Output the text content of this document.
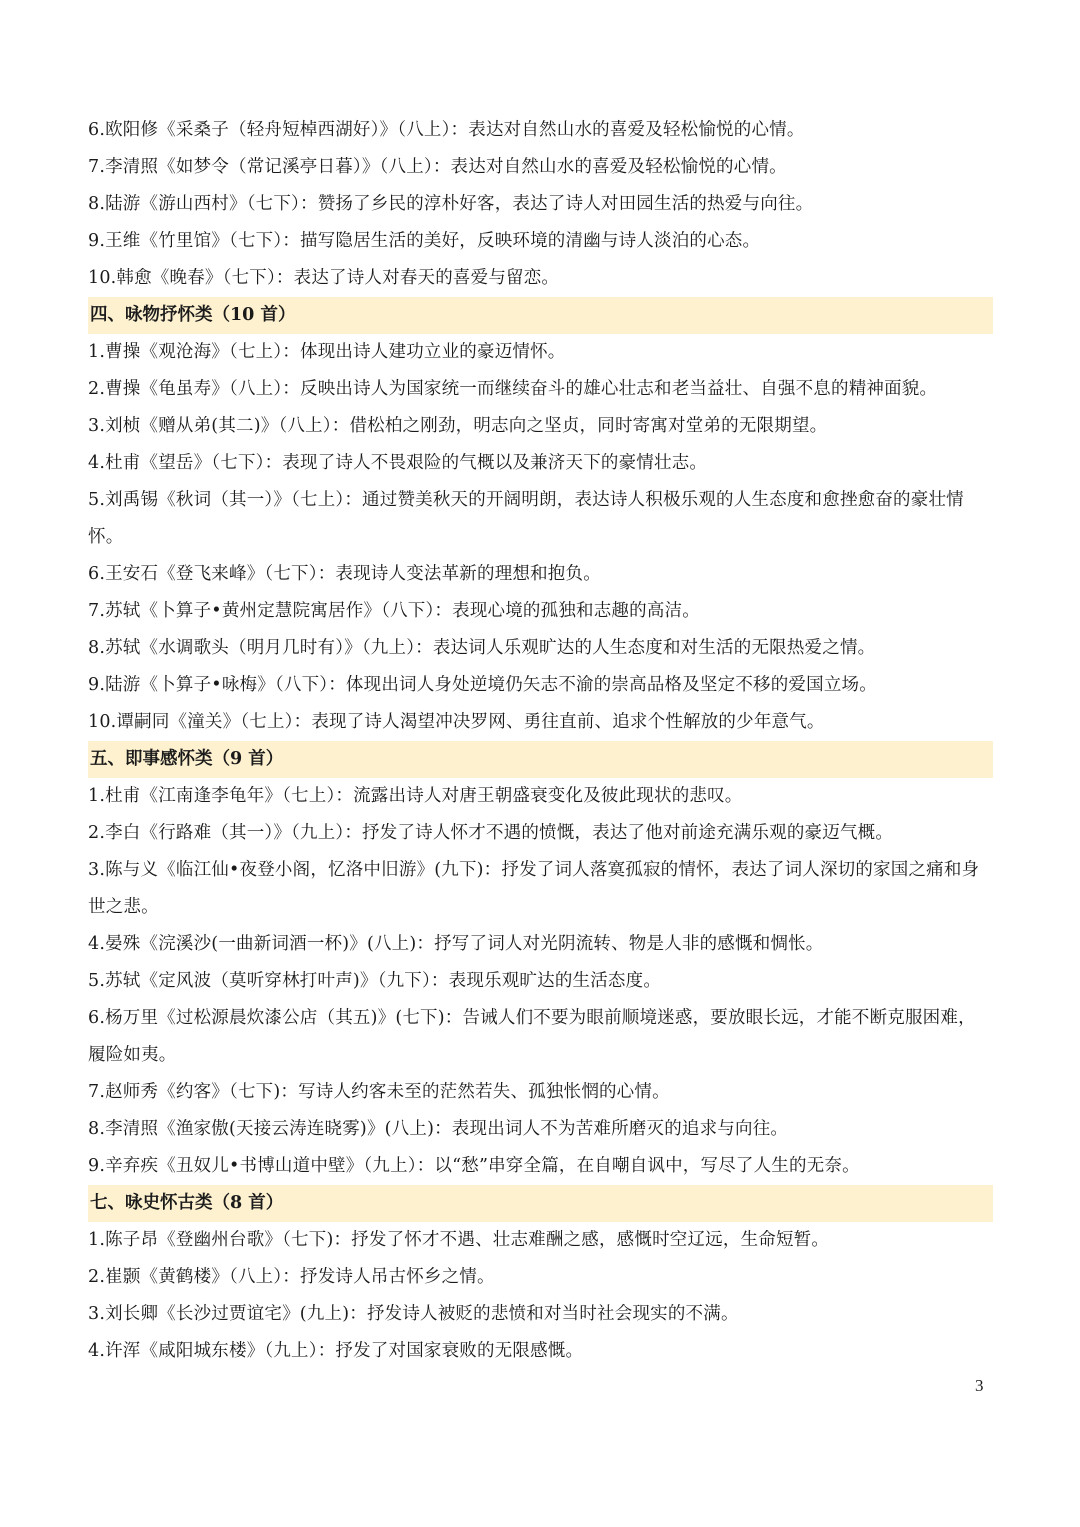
6.欧阳修《采桑子（轻舟短棹西湖好）》（八上）：表达对自然山水的喜爱及轻松愉悦的心情。
7.李清照《如梦令（常记溪亭日暮）》（八上）：表达对自然山水的喜爱及轻松愉悦的心情。
8.陆游《游山西村》（七下）：赞扬了乡民的淳朴好客，表达了诗人对田园生活的热爱与向往。
9.王维《竹里馆》（七下）：描写隐居生活的美好，反映环境的清幽与诗人淡泊的心态。
10.韩愈《晚春》（七下）：表达了诗人对春天的喜爱与留恋。
四、咏物抒怀类（10 首）
1.曹操《观沧海》（七上）：体现出诗人建功立业的豪迈情怀。
2.曹操《龟虽寿》（八上）：反映出诗人为国家统一而继续奋斗的雄心壮志和老当益壮、自强不息的精神面貌。
3.刘桢《赠从弟(其二)》（八上）：借松柏之刚劲，明志向之坚贞，同时寄寓对堂弟的无限期望。
4.杜甫《望岳》（七下）：表现了诗人不畏艰险的气概以及兼济天下的豪情壮志。
5.刘禹锡《秋词（其一）》（七上）：通过赞美秋天的开阔明朗，表达诗人积极乐观的人生态度和愈挫愈奋的豪壮情怀。
6.王安石《登飞来峰》（七下）：表现诗人变法革新的理想和抱负。
7.苏轼《卜算子•黄州定慧院寓居作》（八下）：表现心境的孤独和志趣的高洁。
8.苏轼《水调歌头（明月几时有）》（九上）：表达词人乐观旷达的人生态度和对生活的无限热爱之情。
9.陆游《卜算子•咏梅》（八下）：体现出词人身处逆境仍矢志不渝的崇高品格及坚定不移的爱国立场。
10.谭嗣同《潼关》（七上）：表现了诗人渴望冲决罗网、勇往直前、追求个性解放的少年意气。
五、即事感怀类（9 首）
1.杜甫《江南逢李龟年》（七上）：流露出诗人对唐王朝盛衰变化及彼此现状的悲叹。
2.李白《行路难（其一）》（九上）：抒发了诗人怀才不遇的愤慨，表达了他对前途充满乐观的豪迈气概。
3.陈与义《临江仙•夜登小阁，忆洛中旧游》(九下)：抒发了词人落寞孤寂的情怀，表达了词人深切的家国之痛和身世之悲。
4.晏殊《浣溪沙(一曲新词酒一杯)》(八上)：抒写了词人对光阴流转、物是人非的感慨和惆怅。
5.苏轼《定风波（莫听穿林打叶声)》（九下）：表现乐观旷达的生活态度。
6.杨万里《过松源晨炊漆公店（其五)》(七下)：告诫人们不要为眼前顺境迷惑，要放眼长远，才能不断克服困难，履险如夷。
7.赵师秀《约客》（七下)：写诗人约客未至的茫然若失、孤独怅惘的心情。
8.李清照《渔家傲(天接云涛连晓雾)》(八上)：表现出词人不为苦难所磨灭的追求与向往。
9.辛弃疾《丑奴儿•书博山道中壁》（九上）：以“愁”串穿全篇，在自嘲自讽中，写尽了人生的无奈。
七、咏史怀古类（8 首）
1.陈子昂《登幽州台歌》（七下)：抒发了怀才不遇、壮志难酬之感，感慨时空辽远，生命短暂。
2.崔颢《黄鹤楼》（八上）：抒发诗人吊古怀乡之情。
3.刘长卿《长沙过贾谊宅》(九上)：抒发诗人被贬的悲愤和对当时社会现实的不满。
4.许浑《咸阳城东楼》（九上）：抒发了对国家衰败的无限感慨。
3
